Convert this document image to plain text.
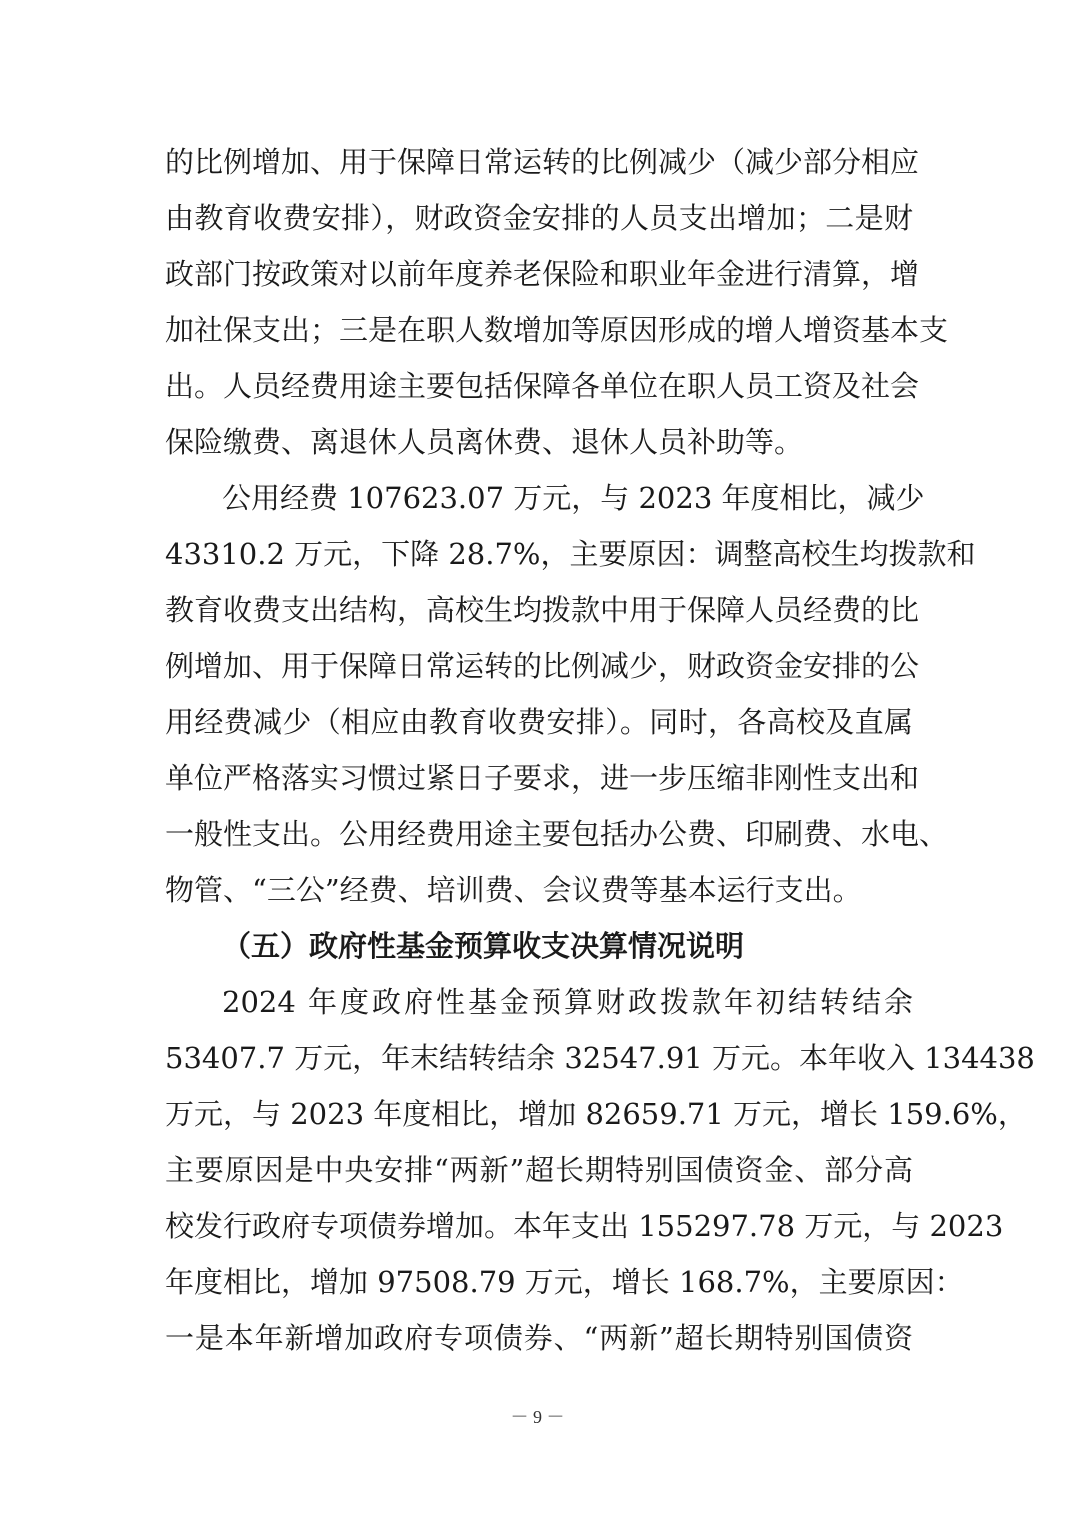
的比例增加、用于保障日常运转的比例减少（减少部分相应
由教育收费安排），财政资金安排的人员支出增加；二是财
政部门按政策对以前年度养老保险和职业年金进行清算，增
加社保支出；三是在职人数增加等原因形成的增人增资基本支
出。人员经费用途主要包括保障各单位在职人员工资及社会
保险缴费、离退休人员离休费、退休人员补助等。
公用经费 107623.07 万元，与 2023 年度相比，减少
43310.2 万元，下降 28.7%，主要原因：调整高校生均拨款和
教育收费支出结构，高校生均拨款中用于保障人员经费的比
例增加、用于保障日常运转的比例减少，财政资金安排的公
用经费减少（相应由教育收费安排）。同时，各高校及直属
单位严格落实习惯过紧日子要求，进一步压缩非刚性支出和
一般性支出。公用经费用途主要包括办公费、印刷费、水电、
物管、“三公”经费、培训费、会议费等基本运行支出。
（五）政府性基金预算收支决算情况说明
2024 年度政府性基金预算财政拨款年初结转结余
53407.7 万元，年末结转结余 32547.91 万元。本年收入 134438
万元，与 2023 年度相比，增加 82659.71 万元，增长 159.6%，
主要原因是中央安排“两新”超长期特别国债资金、部分高
校发行政府专项债券增加。本年支出 155297.78 万元，与 2023
年度相比，增加 97508.79 万元，增长 168.7%，主要原因：
一是本年新增加政府专项债券、“两新”超长期特别国债资
－ 9 －
